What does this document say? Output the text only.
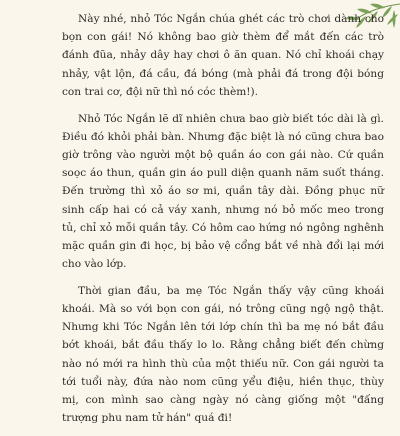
Này nhé, nhỏ Tóc Ngắn chúa ghét các trò chơi dành cho bọn con gái! Nó không bao giờ thèm để mắt đến các trò đánh đũa, nhảy dây hay chơi ô ăn quan. Nó chỉ khoái chạy nhảy, vật lộn, đá cầu, đá bóng (mà phải đá trong đội bóng con trai cơ, đội nữ thì nó cóc thèm!).

Nhỏ Tóc Ngắn lẽ dĩ nhiên chưa bao giờ biết tóc dài là gì. Điều đó khỏi phải bàn. Nhưng đặc biệt là nó cũng chưa bao giờ trông vào người một bộ quần áo con gái nào. Cứ quần soọc áo thun, quần gin áo pull diện quanh năm suốt tháng. Đến trường thì xỏ áo sơ mi, quần tây dài. Đồng phục nữ sinh cấp hai có cả váy xanh, nhưng nó bỏ mốc meo trong tủ, chỉ xỏ mỗi quần tây. Có hôm cao hứng nó ngông nghênh mặc quần gin đi học, bị bảo vệ cổng bắt về nhà đổi lại mới cho vào lớp.

Thời gian đầu, ba mẹ Tóc Ngắn thấy vậy cũng khoái khoái. Mà so với bọn con gái, nó trông cũng ngộ ngộ thật. Nhưng khi Tóc Ngắn lên tới lớp chín thì ba mẹ nó bắt đầu bớt khoái, bắt đầu thấy lo lo. Rằng chẳng biết đến chừng nào nó mới ra hình thù của một thiếu nữ. Con gái người ta tới tuổi này, đứa nào nom cũng yểu điệu, hiền thục, thùy mị, con mình sao càng ngày nó càng giống một "đấng trượng phu nam tử hán" quá đi!
